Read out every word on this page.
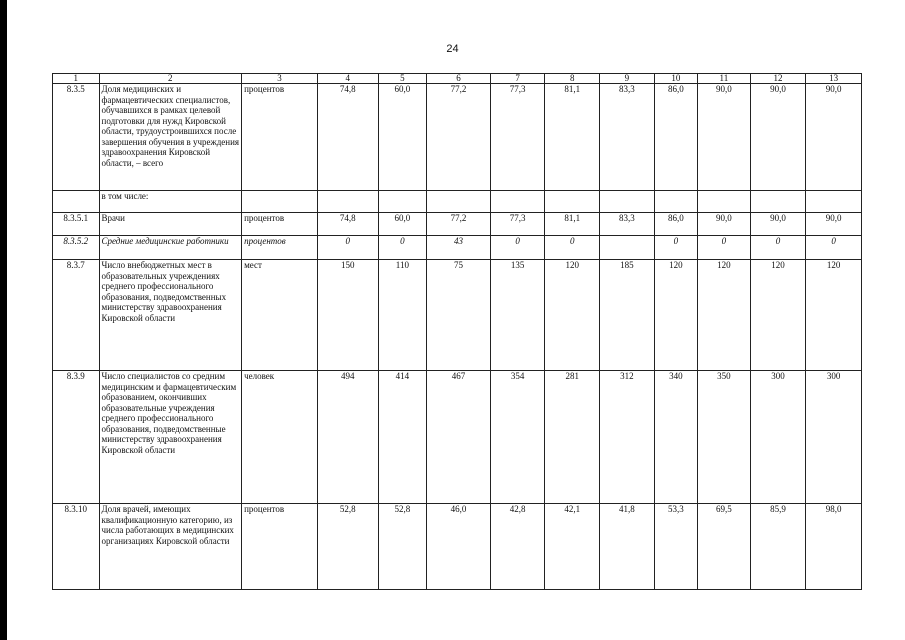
24
1	2	3	4	5	6	7	8	9	10	11	12	13
8.3.5	Доля медицинских и фармацевтических специалистов, обучавшихся в рамках целевой подготовки для нужд Кировской области, трудоустроившихся после завершения обучения в учреждения здравоохранения Кировской области, – всего	процентов	74,8	60,0	77,2	77,3	81,1	83,3	86,0	90,0	90,0	90,0
	в том числе:											
8.3.5.1	Врачи	процентов	74,8	60,0	77,2	77,3	81,1	83,3	86,0	90,0	90,0	90,0
8.3.5.2	Средние медицинские работники	процентов	0	0	43	0	0		0	0	0	0
8.3.7	Число внебюджетных мест в образовательных учреждениях среднего профессионального образования, подведомственных министерству здравоохранения Кировской области	мест	150	110	75	135	120	185	120	120	120	120
8.3.9	Число специалистов со средним медицинским и фармацевтическим образованием, окончивших образовательные учреждения среднего профессионального образования, подведомственные министерству здравоохранения Кировской области	человек	494	414	467	354	281	312	340	350	300	300
8.3.10	Доля врачей, имеющих квалификационную категорию, из числа работающих в медицинских организациях Кировской области	процентов	52,8	52,8	46,0	42,8	42,1	41,8	53,3	69,5	85,9	98,0
